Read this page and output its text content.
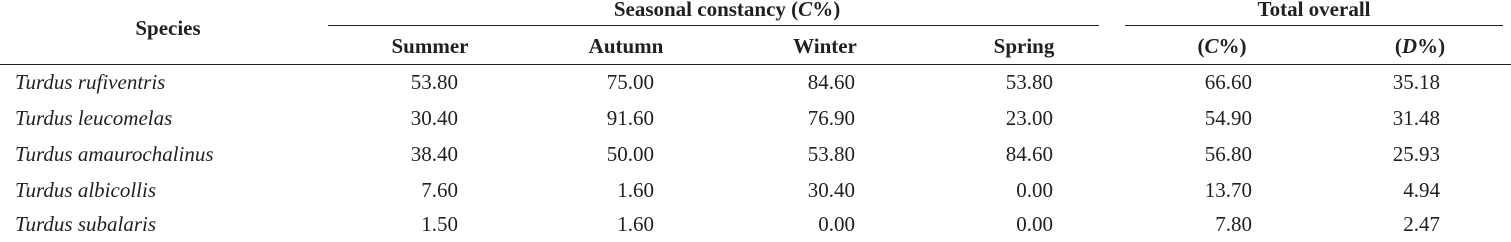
Species
Seasonal constancy (C%)	Total overall
Summer	Autumn	Winter	Spring	(C%)	(D%)
Turdus rufiventris	53.80	75.00	84.60	53.80	66.60	35.18
Turdus leucomelas	30.40	91.60	76.90	23.00	54.90	31.48
Turdus amaurochalinus	38.40	50.00	53.80	84.60	56.80	25.93
Turdus albicollis	7.60	1.60	30.40	0.00	13.70	4.94
Turdus subalaris	1.50	1.60	0.00	0.00	7.80	2.47
